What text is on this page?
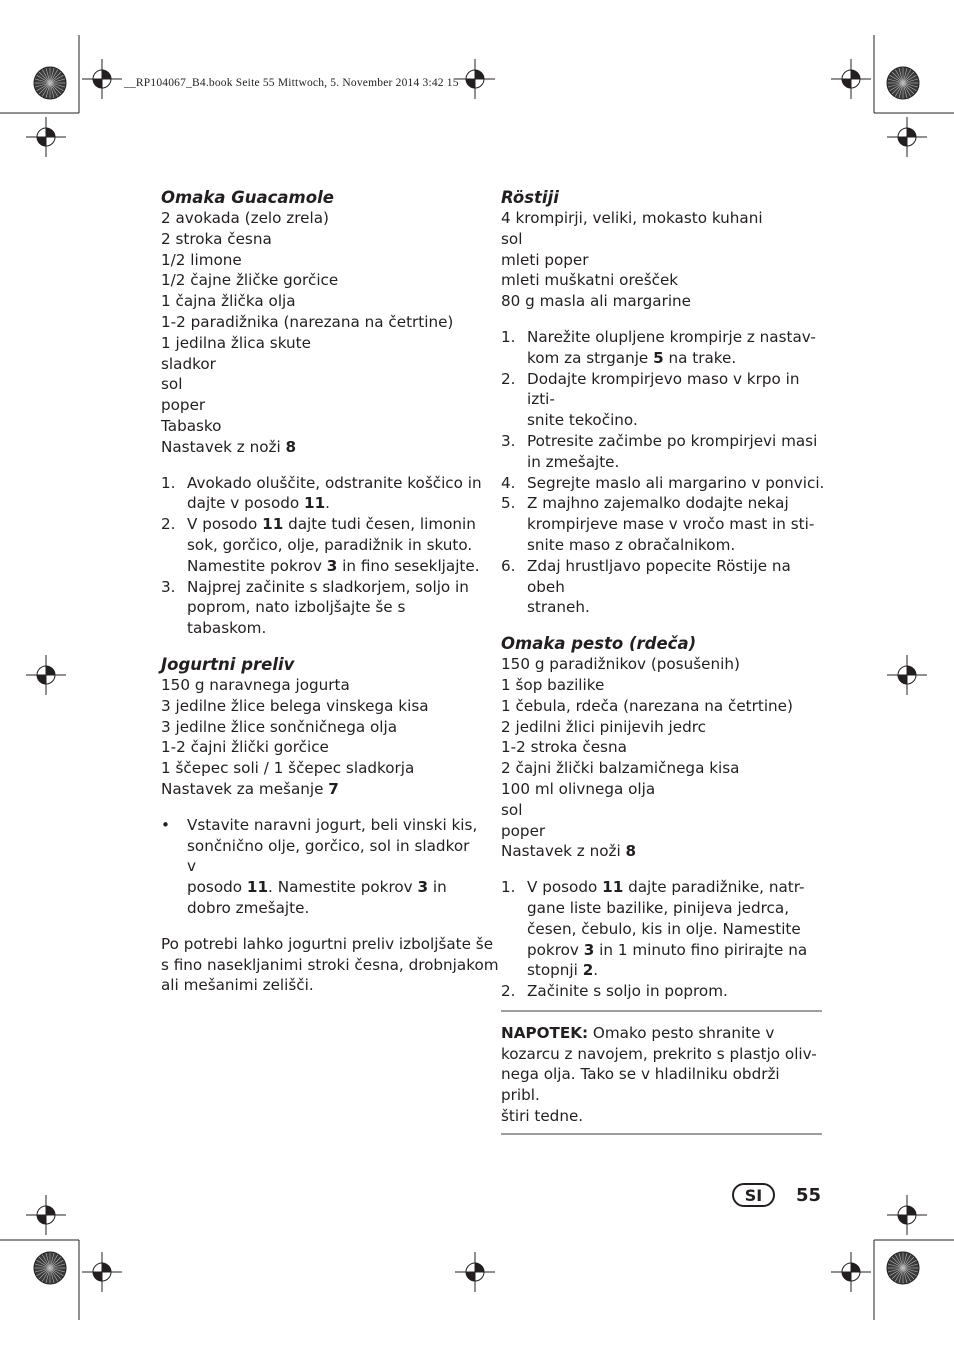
__RP104067_B4.book Seite 55 Mittwoch, 5. November 2014 3:42 15
Omaka Guacamole
2 avokada (zelo zrela)
2 stroka česna
1/2 limone
1/2 čajne žličke gorčice
1 čajna žlička olja
1-2 paradižnika (narezana na četrtine)
1 jedilna žlica skute
sladkor
sol
poper
Tabasko
Nastavek z noži 8
1. Avokado oluščite, odstranite koščico in
dajte v posodo 11.
2. V posodo 11 dajte tudi česen, limonin
sok, gorčico, olje, paradižnik in skuto.
Namestite pokrov 3 in fino sesekljajte.
3. Najprej začinite s sladkorjem, soljo in
poprom, nato izboljšajte še s tabaskom.
Jogurtni preliv
150 g naravnega jogurta
3 jedilne žlice belega vinskega kisa
3 jedilne žlice sončničnega olja
1-2 čajni žlički gorčice
1 ščepec soli / 1 ščepec sladkorja
Nastavek za mešanje 7
•	Vstavite naravni jogurt, beli vinski kis,
sončnično olje, gorčico, sol in sladkor v
posodo 11. Namestite pokrov 3 in
dobro zmešajte.
Po potrebi lahko jogurtni preliv izboljšate še
s fino nasekljanimi stroki česna, drobnjakom
ali mešanimi zelišči.
Röstiji
4 krompirji, veliki, mokasto kuhani
sol
mleti poper
mleti muškatni orešček
80 g masla ali margarine
1. Narežite olupljene krompirje z nastav-
kom za strganje 5 na trake.
2. Dodajte krompirjevo maso v krpo in izti-
snite tekočino.
3. Potresite začimbe po krompirjevi masi
in zmešajte.
4. Segrejte maslo ali margarino v ponvici.
5. Z majhno zajemalko dodajte nekaj
krompirjeve mase v vročo mast in sti-
snite maso z obračalnikom.
6. Zdaj hrustljavo popecite Röstije na obeh
straneh.
Omaka pesto (rdeča)
150 g paradižnikov (posušenih)
1 šop bazilike
1 čebula, rdeča (narezana na četrtine)
2 jedilni žlici pinijevih jedrc
1-2 stroka česna
2 čajni žlički balzamičnega kisa
100 ml olivnega olja
sol
poper
Nastavek z noži 8
1. V posodo 11 dajte paradižnike, natr-
gane liste bazilike, pinijeva jedrca,
česen, čebulo, kis in olje. Namestite
pokrov 3 in 1 minuto fino pirirajte na
stopnji 2.
2. Začinite s soljo in poprom.
NAPOTEK: Omako pesto shranite v
kozarcu z navojem, prekrito s plastjo oliv-
nega olja. Tako se v hladilniku obdrži pribl.
štiri tedne.
SI	55
